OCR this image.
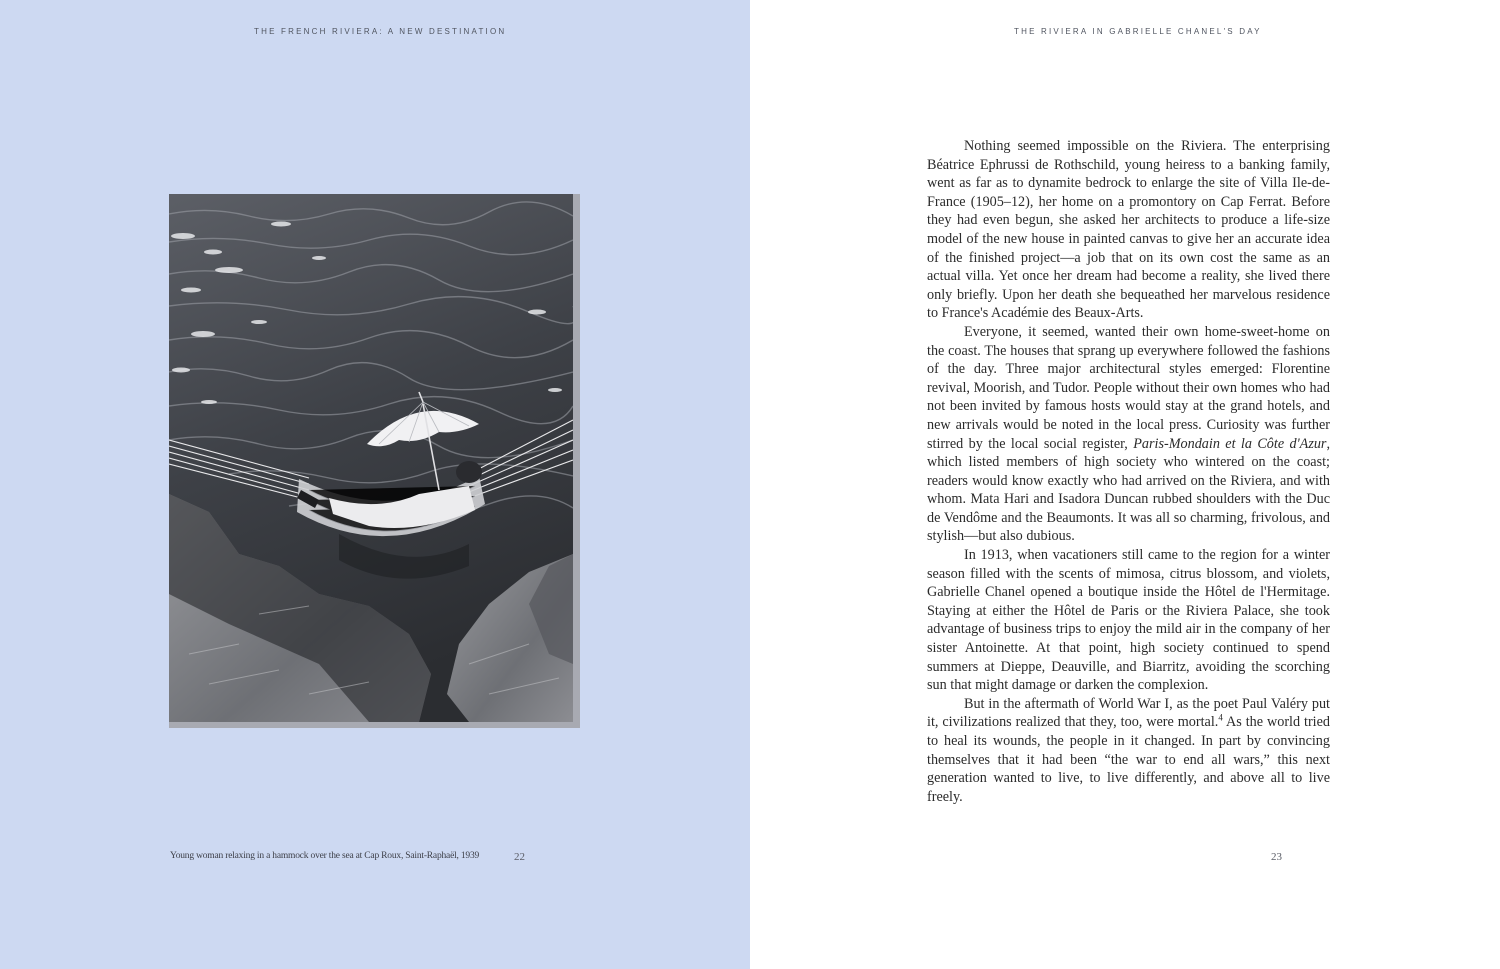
THE FRENCH RIVIERA: A NEW DESTINATION
Young woman relaxing in a hammock over the sea at Cap Roux, Saint-Raphaël, 1939	22
THE RIVIERA IN GABRIELLE CHANEL'S DAY

Nothing seemed impossible on the Riviera. The enterprising Béatrice Ephrussi de Rothschild, young heiress to a banking family, went as far as to dynamite bedrock to enlarge the site of Villa Ile-de-France (1905–12), her home on a promontory on Cap Ferrat. Before they had even begun, she asked her architects to produce a life-size model of the new house in painted canvas to give her an accurate idea of the finished project—a job that on its own cost the same as an actual villa. Yet once her dream had become a reality, she lived there only briefly. Upon her death she bequeathed her marvelous residence to France's Académie des Beaux-Arts.

Everyone, it seemed, wanted their own home-sweet-home on the coast. The houses that sprang up everywhere followed the fashions of the day. Three major architectural styles emerged: Florentine revival, Moorish, and Tudor. People without their own homes who had not been invited by famous hosts would stay at the grand hotels, and new arrivals would be noted in the local press. Curiosity was further stirred by the local social register, Paris-Mondain et la Côte d'Azur, which listed members of high society who wintered on the coast; readers would know exactly who had arrived on the Riviera, and with whom. Mata Hari and Isadora Duncan rubbed shoulders with the Duc de Vendôme and the Beaumonts. It was all so charming, frivolous, and stylish—but also dubious.

In 1913, when vacationers still came to the region for a winter season filled with the scents of mimosa, citrus blossom, and violets, Gabrielle Chanel opened a boutique inside the Hôtel de l'Hermitage. Staying at either the Hôtel de Paris or the Riviera Palace, she took advantage of business trips to enjoy the mild air in the company of her sister Antoinette. At that point, high society continued to spend summers at Dieppe, Deauville, and Biarritz, avoiding the scorching sun that might damage or darken the complexion.

But in the aftermath of World War I, as the poet Paul Valéry put it, civilizations realized that they, too, were mortal.$^4$ As the world tried to heal its wounds, the people in it changed. In part by convincing themselves that it had been “the war to end all wars,” this next generation wanted to live, to live differently, and above all to live freely.

23
